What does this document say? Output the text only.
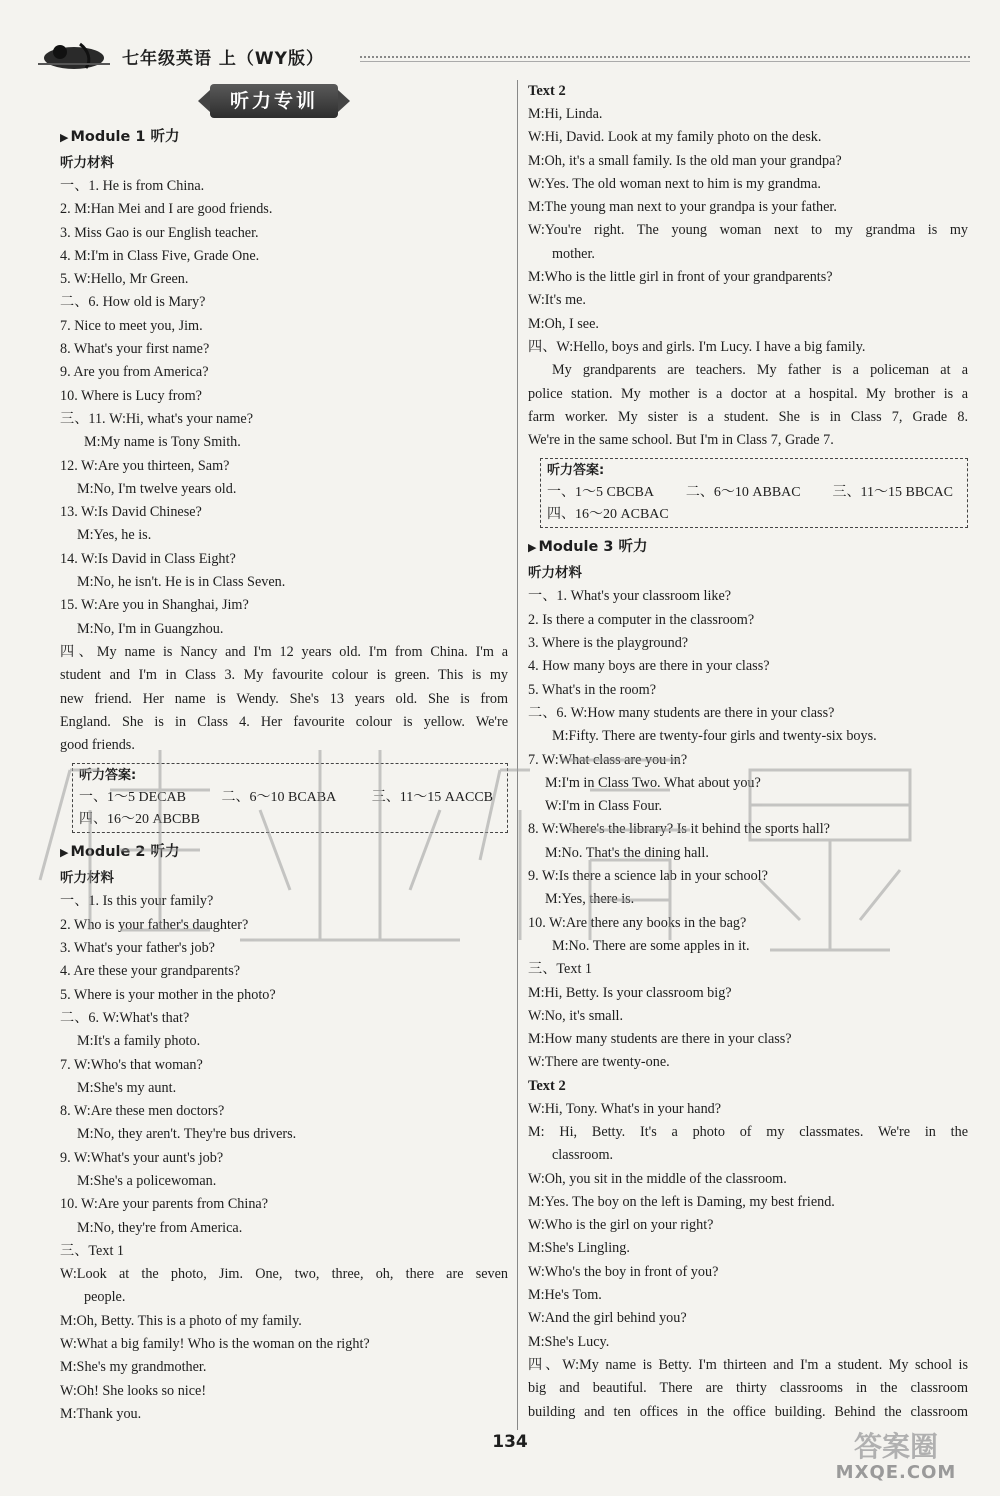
七年级英语 上（WY版）
听力专训
▶ Module 1 听力
听力材料
一、1. He is from China.
2. M:Han Mei and I are good friends.
3. Miss Gao is our English teacher.
4. M:I'm in Class Five, Grade One.
5. W:Hello, Mr Green.
二、6. How old is Mary?
7. Nice to meet you, Jim.
8. What's your first name?
9. Are you from America?
10. Where is Lucy from?
三、11. W:Hi, what's your name?
M:My name is Tony Smith.
12. W:Are you thirteen, Sam?
M:No, I'm twelve years old.
13. W:Is David Chinese?
M:Yes, he is.
14. W:Is David in Class Eight?
M:No, he isn't. He is in Class Seven.
15. W:Are you in Shanghai, Jim?
M:No, I'm in Guangzhou.
四、My name is Nancy and I'm 12 years old. I'm from China. I'm a
student and I'm in Class 3. My favourite colour is green. This is my
new friend. Her name is Wendy. She's 13 years old. She is from
England. She is in Class 4. Her favourite colour is yellow. We're
good friends.
听力答案:
一、1～5 DECAB	二、6～10 BCABA	三、11～15 AACCB
四、16～20 ABCBB
▶ Module 2 听力
听力材料
一、1. Is this your family?
2. Who is your father's daughter?
3. What's your father's job?
4. Are these your grandparents?
5. Where is your mother in the photo?
二、6. W:What's that?
M:It's a family photo.
7. W:Who's that woman?
M:She's my aunt.
8. W:Are these men doctors?
M:No, they aren't. They're bus drivers.
9. W:What's your aunt's job?
M:She's a policewoman.
10. W:Are your parents from China?
M:No, they're from America.
三、Text 1
W:Look at the photo, Jim. One, two, three, oh, there are seven
people.
M:Oh, Betty. This is a photo of my family.
W:What a big family! Who is the woman on the right?
M:She's my grandmother.
W:Oh! She looks so nice!
M:Thank you.
Text 2
M:Hi, Linda.
W:Hi, David. Look at my family photo on the desk.
M:Oh, it's a small family. Is the old man your grandpa?
W:Yes. The old woman next to him is my grandma.
M:The young man next to your grandpa is your father.
W:You're right. The young woman next to my grandma is my
mother.
M:Who is the little girl in front of your grandparents?
W:It's me.
M:Oh, I see.
四、W:Hello, boys and girls. I'm Lucy. I have a big family.
My grandparents are teachers. My father is a policeman at a
police station. My mother is a doctor at a hospital. My brother is a
farm worker. My sister is a student. She is in Class 7, Grade 8.
We're in the same school. But I'm in Class 7, Grade 7.
听力答案:
一、1～5 CBCBA 二、6～10 ABBAC 三、11～15 BBCAC
四、16～20 ACBAC
▶ Module 3 听力
听力材料
一、1. What's your classroom like?
2. Is there a computer in the classroom?
3. Where is the playground?
4. How many boys are there in your class?
5. What's in the room?
二、6. W:How many students are there in your class?
M:Fifty. There are twenty-four girls and twenty-six boys.
7. W:What class are you in?
M:I'm in Class Two. What about you?
W:I'm in Class Four.
8. W:Where's the library? Is it behind the sports hall?
M:No. That's the dining hall.
9. W:Is there a science lab in your school?
M:Yes, there is.
10. W:Are there any books in the bag?
M:No. There are some apples in it.
三、Text 1
M:Hi, Betty. Is your classroom big?
W:No, it's small.
M:How many students are there in your class?
W:There are twenty-one.
Text 2
W:Hi, Tony. What's in your hand?
M: Hi, Betty. It's a photo of my classmates. We're in the
classroom.
W:Oh, you sit in the middle of the classroom.
M:Yes. The boy on the left is Daming, my best friend.
W:Who is the girl on your right?
M:She's Lingling.
W:Who's the boy in front of you?
M:He's Tom.
W:And the girl behind you?
M:She's Lucy.
四、W:My name is Betty. I'm thirteen and I'm a student. My school is
big and beautiful. There are thirty classrooms in the classroom
building and ten offices in the office building. Behind the classroom
134	答案圈
MXQE.COM
